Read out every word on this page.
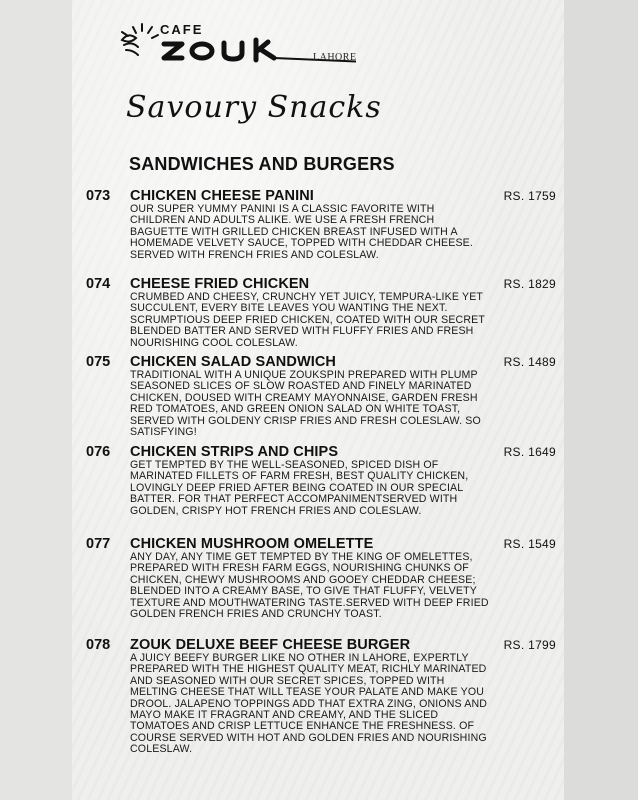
CAFE
LAHORE
Savoury Snacks
SANDWICHES AND BURGERS
073 CHICKEN CHEESE PANINI	RS. 1759
OUR SUPER YUMMY PANINI IS A CLASSIC FAVORITE WITH CHILDREN AND ADULTS ALIKE. WE USE A FRESH FRENCH BAGUETTE WITH GRILLED CHICKEN BREAST INFUSED WITH A HOMEMADE VELVETY SAUCE, TOPPED WITH CHEDDAR CHEESE. SERVED WITH FRENCH FRIES AND COLESLAW.
074 CHEESE FRIED CHICKEN	RS. 1829
CRUMBED AND CHEESY, CRUNCHY YET JUICY, TEMPURA-LIKE YET SUCCULENT, EVERY BITE LEAVES YOU WANTING THE NEXT. SCRUMPTIOUS DEEP FRIED CHICKEN, COATED WITH OUR SECRET BLENDED BATTER AND SERVED WITH FLUFFY FRIES AND FRESH NOURISHING COOL COLESLAW.
075 CHICKEN SALAD SANDWICH	RS. 1489
TRADITIONAL WITH A UNIQUE ZOUKSPIN PREPARED WITH PLUMP SEASONED SLICES OF SLOW ROASTED AND FINELY MARINATED CHICKEN, DOUSED WITH CREAMY MAYONNAISE, GARDEN FRESH RED TOMATOES, AND GREEN ONION SALAD ON WHITE TOAST, SERVED WITH GOLDENY CRISP FRIES AND FRESH COLESLAW. SO SATISFYING!
076 CHICKEN STRIPS AND CHIPS	RS. 1649
GET TEMPTED BY THE WELL-SEASONED, SPICED DISH OF MARINATED FILLETS OF FARM FRESH, BEST QUALITY CHICKEN, LOVINGLY DEEP FRIED AFTER BEING COATED IN OUR SPECIAL BATTER. FOR THAT PERFECT ACCOMPANIMENTSERVED WITH GOLDEN, CRISPY HOT FRENCH FRIES AND COLESLAW.
077 CHICKEN MUSHROOM OMELETTE	RS. 1549
ANY DAY, ANY TIME GET TEMPTED BY THE KING OF OMELETTES, PREPARED WITH FRESH FARM EGGS, NOURISHING CHUNKS OF CHICKEN, CHEWY MUSHROOMS AND GOOEY CHEDDAR CHEESE; BLENDED INTO A CREAMY BASE, TO GIVE THAT FLUFFY, VELVETY TEXTURE AND MOUTHWATERING TASTE.SERVED WITH DEEP FRIED GOLDEN FRENCH FRIES AND CRUNCHY TOAST.
078 ZOUK DELUXE BEEF CHEESE BURGER	RS. 1799
A JUICY BEEFY BURGER LIKE NO OTHER IN LAHORE, EXPERTLY PREPARED WITH THE HIGHEST QUALITY MEAT, RICHLY MARINATED AND SEASONED WITH OUR SECRET SPICES, TOPPED WITH MELTING CHEESE THAT WILL TEASE YOUR PALATE AND MAKE YOU DROOL. JALAPENO TOPPINGS ADD THAT EXTRA ZING, ONIONS AND MAYO MAKE IT FRAGRANT AND CREAMY, AND THE SLICED TOMATOES AND CRISP LETTUCE ENHANCE THE FRESHNESS. OF COURSE SERVED WITH HOT AND GOLDEN FRIES AND NOURISHING COLESLAW.
